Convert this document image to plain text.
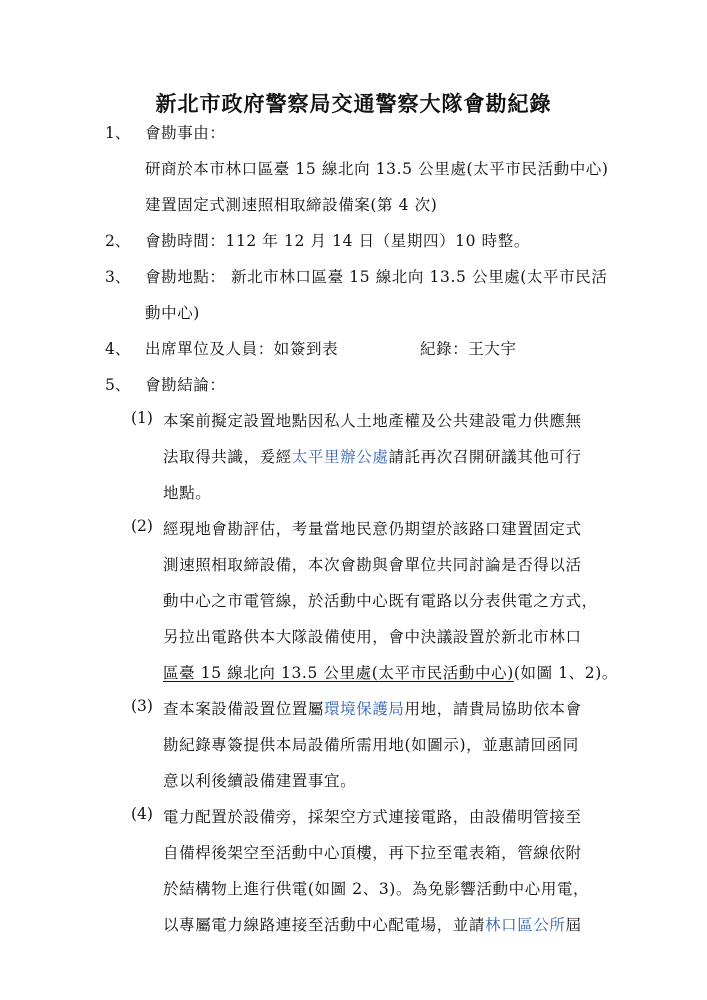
新北市政府警察局交通警察大隊會勘紀錄
1、 會勘事由：
研商於本市林口區臺 15 線北向 13.5 公里處(太平市民活動中心)
建置固定式測速照相取締設備案(第 4 次)
2、 會勘時間：112 年 12 月 14 日（星期四）10 時整。
3、 會勘地點： 新北市林口區臺 15 線北向 13.5 公里處(太平市民活
動中心)
4、 出席單位及人員：如簽到表	紀錄：王大宇
5、 會勘結論：
(1) 本案前擬定設置地點因私人土地產權及公共建設電力供應無
法取得共識，爰經太平里辦公處請託再次召開研議其他可行
地點。
(2) 經現地會勘評估，考量當地民意仍期望於該路口建置固定式
測速照相取締設備，本次會勘與會單位共同討論是否得以活
動中心之市電管線，於活動中心既有電路以分表供電之方式，
另拉出電路供本大隊設備使用，會中決議設置於新北市林口
區臺 15 線北向 13.5 公里處(太平市民活動中心)(如圖 1、2)。
(3) 查本案設備設置位置屬環境保護局用地，請貴局協助依本會
勘紀錄專簽提供本局設備所需用地(如圖示)，並惠請回函同
意以利後續設備建置事宜。
(4) 電力配置於設備旁，採架空方式連接電路，由設備明管接至
自備桿後架空至活動中心頂樓，再下拉至電表箱，管線依附
於結構物上進行供電(如圖 2、3)。為免影響活動中心用電，
以專屬電力線路連接至活動中心配電場，並請林口區公所屆
